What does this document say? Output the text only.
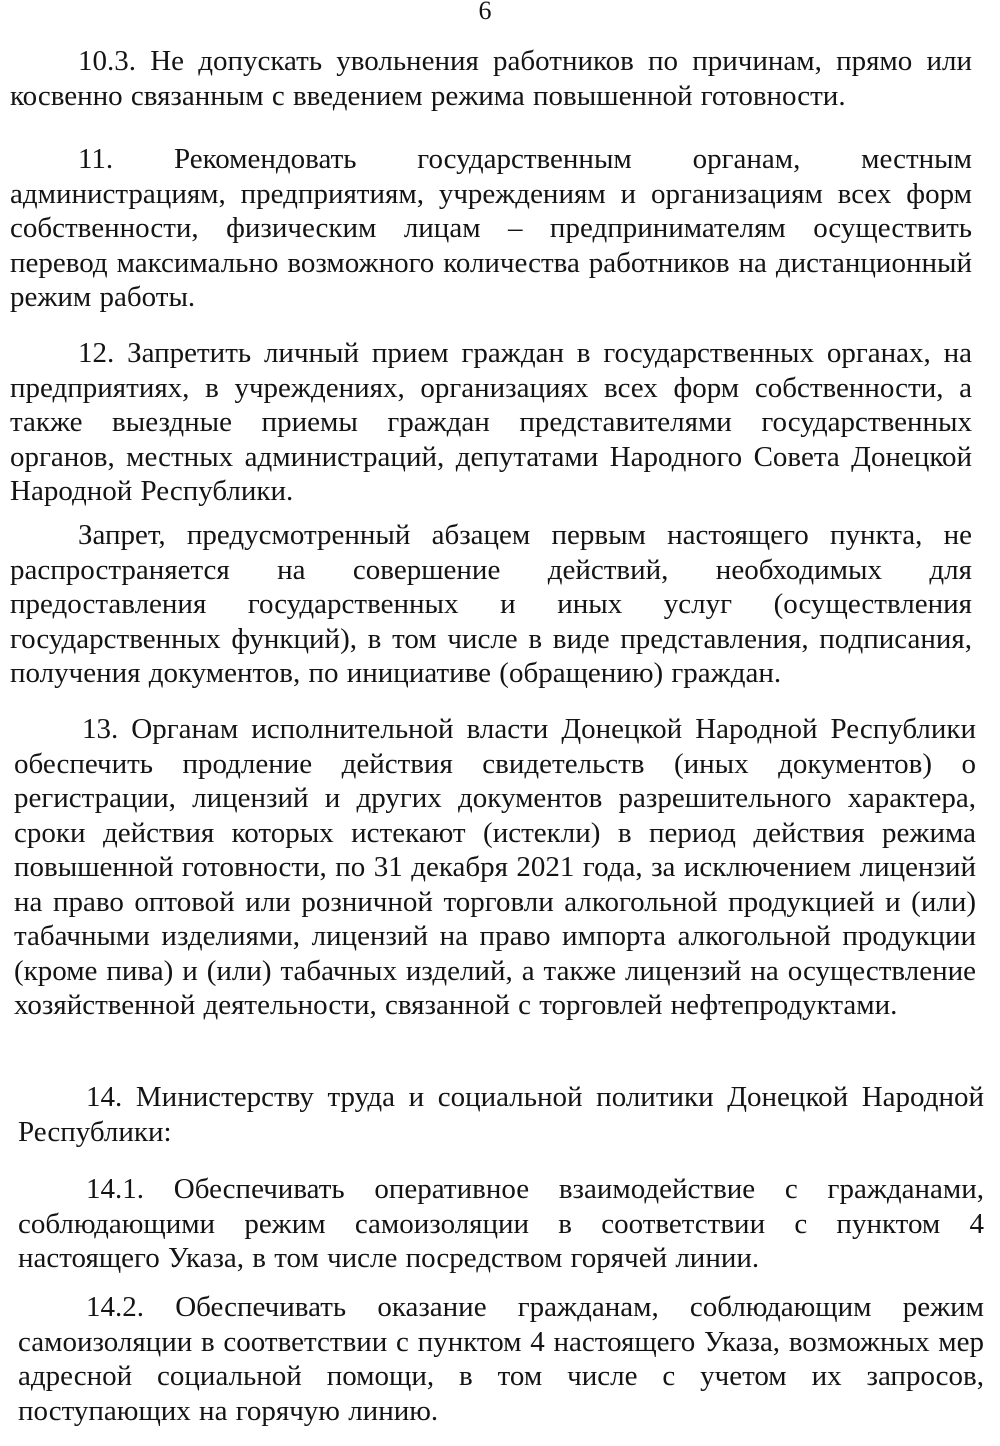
6

10.3. Не допускать увольнения работников по причинам, прямо или косвенно связанным с введением режима повышенной готовности.

11. Рекомендовать государственным органам, местным администрациям, предприятиям, учреждениям и организациям всех форм собственности, физическим лицам – предпринимателям осуществить перевод максимально возможного количества работников на дистанционный режим работы.

12. Запретить личный прием граждан в государственных органах, на предприятиях, в учреждениях, организациях всех форм собственности, а также выездные приемы граждан представителями государственных органов, местных администраций, депутатами Народного Совета Донецкой Народной Республики.

Запрет, предусмотренный абзацем первым настоящего пункта, не распространяется на совершение действий, необходимых для предоставления государственных и иных услуг (осуществления государственных функций), в том числе в виде представления, подписания, получения документов, по инициативе (обращению) граждан.

13. Органам исполнительной власти Донецкой Народной Республики обеспечить продление действия свидетельств (иных документов) о регистрации, лицензий и других документов разрешительного характера, сроки действия которых истекают (истекли) в период действия режима повышенной готовности, по 31 декабря 2021 года, за исключением лицензий на право оптовой или розничной торговли алкогольной продукцией и (или) табачными изделиями, лицензий на право импорта алкогольной продукции (кроме пива) и (или) табачных изделий, а также лицензий на осуществление хозяйственной деятельности, связанной с торговлей нефтепродуктами.

14. Министерству труда и социальной политики Донецкой Народной Республики:

14.1. Обеспечивать оперативное взаимодействие с гражданами, соблюдающими режим самоизоляции в соответствии с пунктом 4 настоящего Указа, в том числе посредством горячей линии.

14.2. Обеспечивать оказание гражданам, соблюдающим режим самоизоляции в соответствии с пунктом 4 настоящего Указа, возможных мер адресной социальной помощи, в том числе с учетом их запросов, поступающих на горячую линию.
